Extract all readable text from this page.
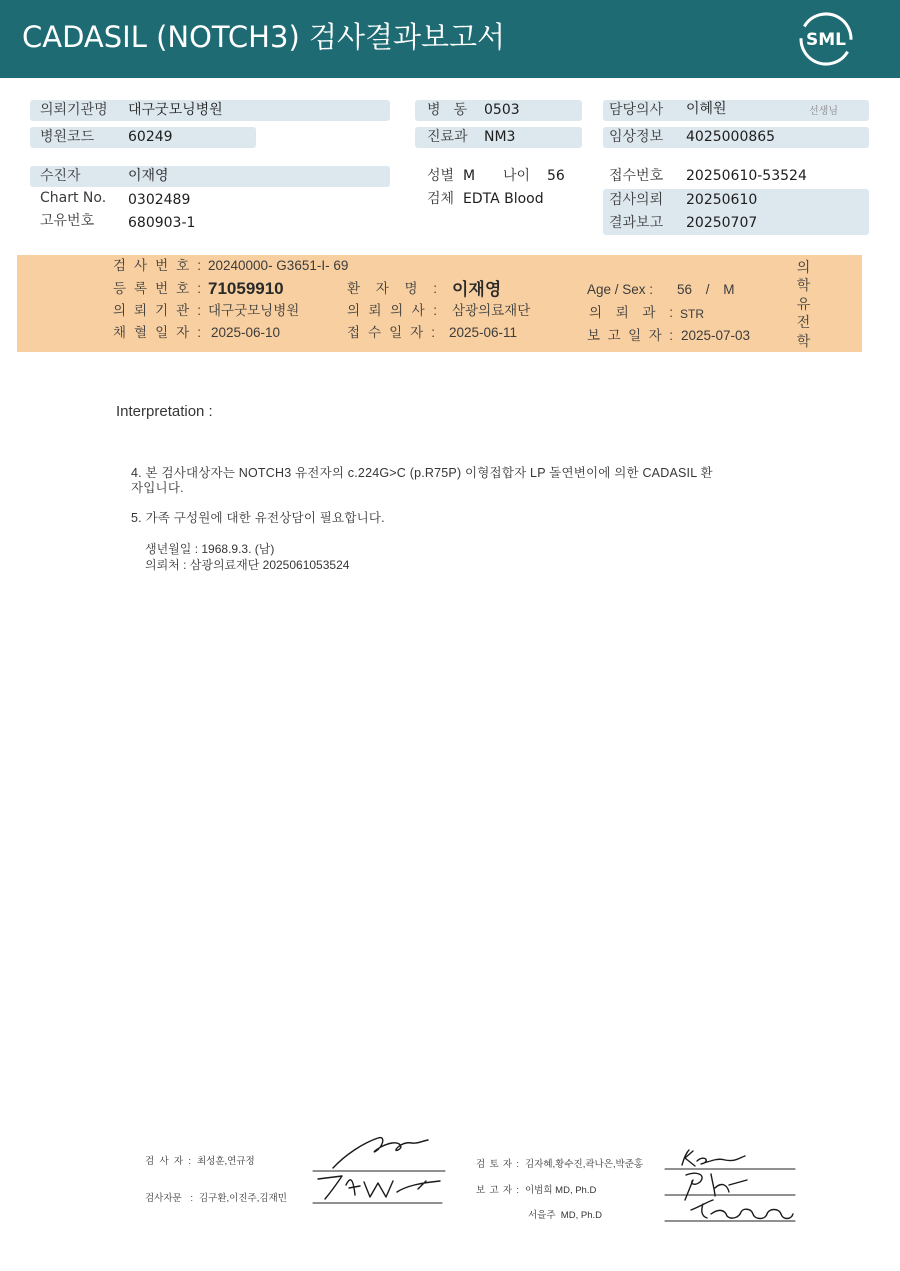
CADASIL (NOTCH3) 검사결과보고서	SML
의뢰기관명 대구굿모닝병원	병 동 0503	담당의사 이혜원	선생님
병원코드 60249	진료과 NM3	임상정보 4025000865
수진자	이재영	성별 M 나이 56	접수번호 20250610-53524
Chart No. 0302489	검체 EDTA Blood	검사의뢰 20250610
고유번호 680903-1	결과보고 20250707
검 사 번 호 : 20240000- G3651-I- 69
등 록 번 호 : 71059910	환 자 명 : 이재영	Age / Sex : 56 / M
의 뢰 기 관 : 대구굿모닝병원	의 뢰 의 사 : 삼광의료재단	의 뢰 과 : STR
채 혈 일 자 : 2025-06-10	접 수 일 자 : 2025-06-11	보 고 일 자 : 2025-07-03
의학유전학

Interpretation :

4. 본 검사대상자는 NOTCH3 유전자의 c.224G>C (p.R75P) 이형접합자 LP 돌연변이에 의한 CADASIL 환

자입니다.

5. 가족 구성원에 대한 유전상담이 필요합니다.

생년월일 : 1968.9.3. (남)

의뢰처 : 삼광의료재단 2025061053524

검 사 자 : 최성훈,연규정
검사자문 : 김구환,이진주,김재민
검 토 자 : 김자혜,황수진,곽나은,박준홍
보 고 자 : 이범희 MD, Ph.D
서을주  MD, Ph.D
